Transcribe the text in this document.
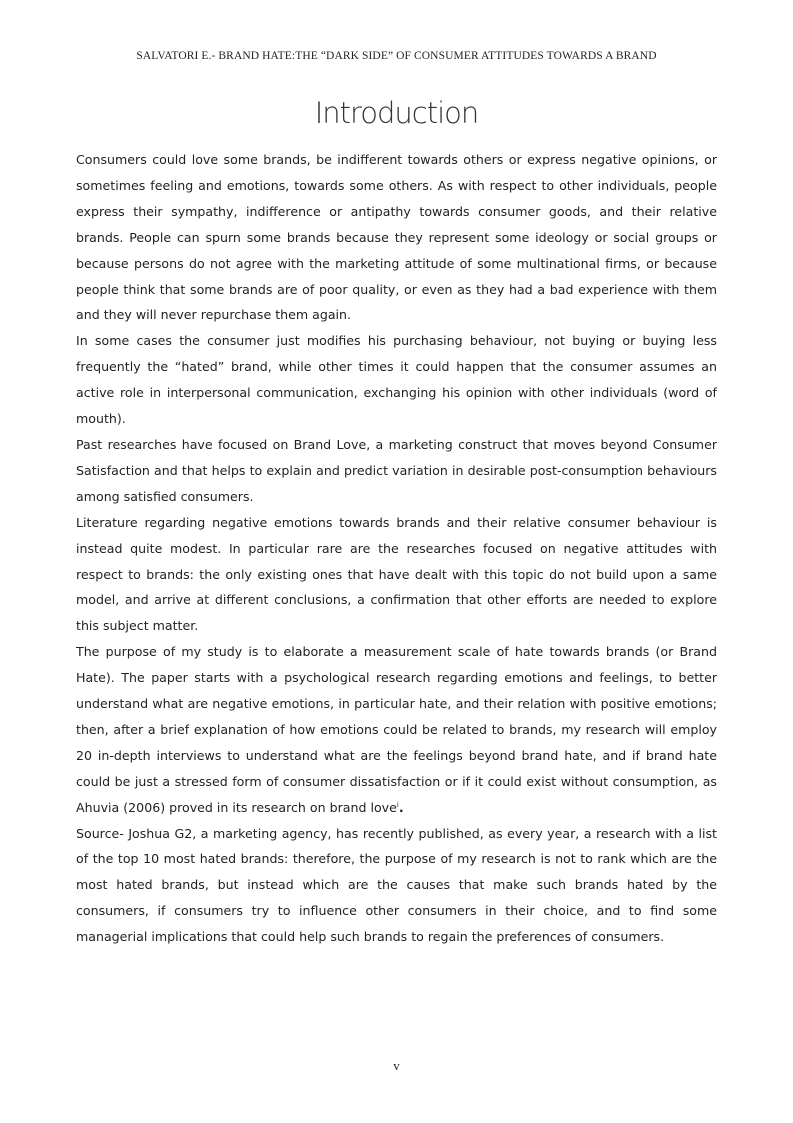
SALVATORI E.- BRAND HATE:THE “DARK SIDE” OF CONSUMER ATTITUDES TOWARDS A BRAND
Introduction

Consumers could love some brands, be indifferent towards others or express negative opinions, or sometimes feeling and emotions, towards some others. As with respect to other individuals, people express their sympathy, indifference or antipathy towards consumer goods, and their relative brands. People can spurn some brands because they represent some ideology or social groups or because persons do not agree with the marketing attitude of some multinational firms, or because people think that some brands are of poor quality, or even as they had a bad experience with them and they will never repurchase them again.

In some cases the consumer just modifies his purchasing behaviour, not buying or buying less frequently the “hated” brand, while other times it could happen that the consumer assumes an active role in interpersonal communication, exchanging his opinion with other individuals (word of mouth).

Past researches have focused on Brand Love, a marketing construct that moves beyond Consumer Satisfaction and that helps to explain and predict variation in desirable post-consumption behaviours among satisfied consumers.

Literature regarding negative emotions towards brands and their relative consumer behaviour is instead quite modest. In particular rare are the researches focused on negative attitudes with respect to brands: the only existing ones that have dealt with this topic do not build upon a same model, and arrive at different conclusions, a confirmation that other efforts are needed to explore this subject matter.

The purpose of my study is to elaborate a measurement scale of hate towards brands (or Brand Hate). The paper starts with a psychological research regarding emotions and feelings, to better understand what are negative emotions, in particular hate, and their relation with positive emotions; then, after a brief explanation of how emotions could be related to brands, my research will employ 20 in-depth interviews to understand what are the feelings beyond brand hate, and if brand hate could be just a stressed form of consumer dissatisfaction or if it could exist without consumption, as Ahuvia (2006) proved in its research on brand love$^i$.

Source- Joshua G2, a marketing agency, has recently published, as every year, a research with a list of the top 10 most hated brands: therefore, the purpose of my research is not to rank which are the most hated brands, but instead which are the causes that make such brands hated by the consumers, if consumers try to influence other consumers in their choice, and to find some managerial implications that could help such brands to regain the preferences of consumers.

v
